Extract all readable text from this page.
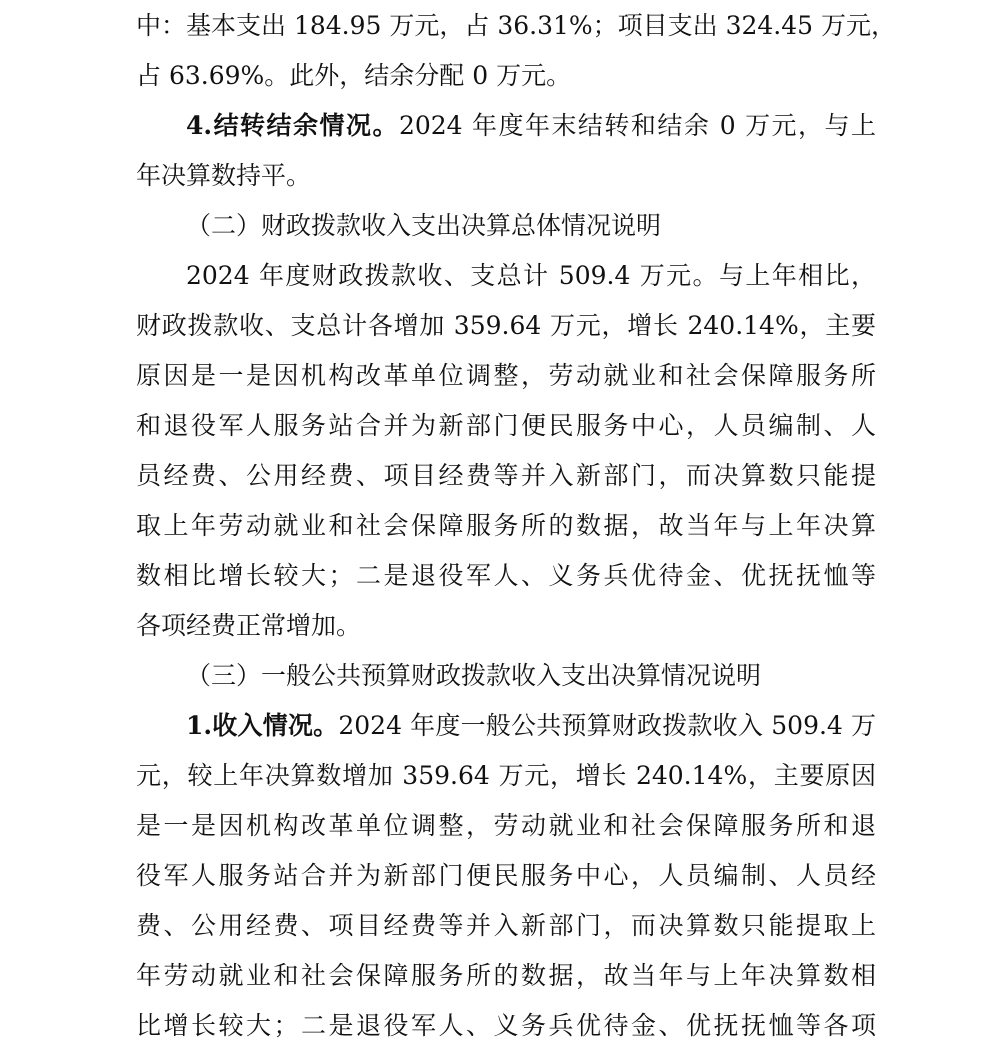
中：基本支出 184.95 万元，占 36.31%；项目支出 324.45 万元，
占 63.69%。此外，结余分配 0 万元。
4.结转结余情况。2024 年度年末结转和结余 0 万元，与上
年决算数持平。
（二）财政拨款收入支出决算总体情况说明
2024 年度财政拨款收、支总计 509.4 万元。与上年相比，
财政拨款收、支总计各增加 359.64 万元，增长 240.14%，主要
原因是一是因机构改革单位调整，劳动就业和社会保障服务所
和退役军人服务站合并为新部门便民服务中心，人员编制、人
员经费、公用经费、项目经费等并入新部门，而决算数只能提
取上年劳动就业和社会保障服务所的数据，故当年与上年决算
数相比增长较大；二是退役军人、义务兵优待金、优抚抚恤等
各项经费正常增加。
（三）一般公共预算财政拨款收入支出决算情况说明
1.收入情况。2024 年度一般公共预算财政拨款收入 509.4 万
元，较上年决算数增加 359.64 万元，增长 240.14%，主要原因
是一是因机构改革单位调整，劳动就业和社会保障服务所和退
役军人服务站合并为新部门便民服务中心，人员编制、人员经
费、公用经费、项目经费等并入新部门，而决算数只能提取上
年劳动就业和社会保障服务所的数据，故当年与上年决算数相
比增长较大；二是退役军人、义务兵优待金、优抚抚恤等各项
